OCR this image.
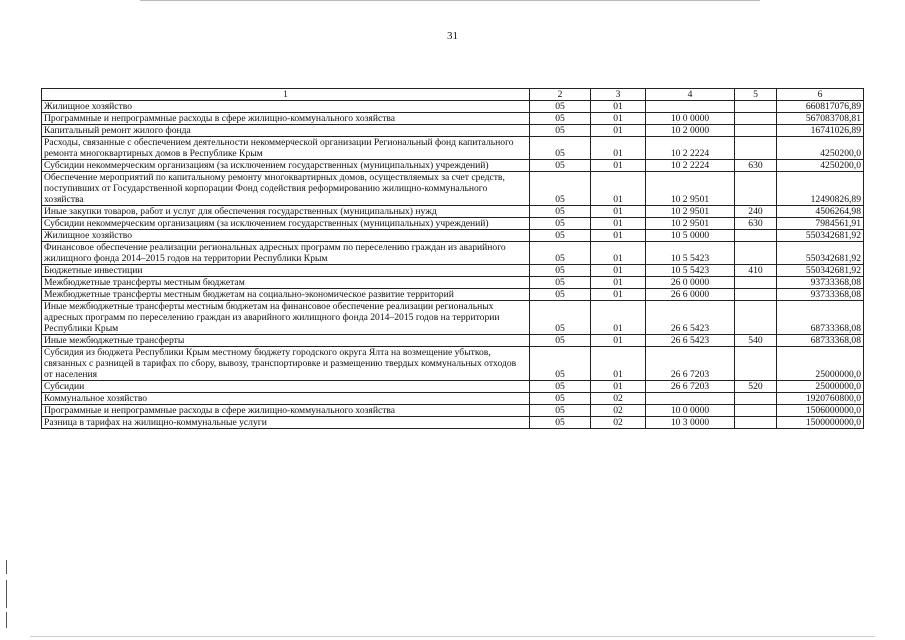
31
1	2	3	4	5	6
Жилищное хозяйство	05	01			660817076,89
Программные и непрограммные расходы в сфере жилищно-коммунального хозяйства	05	01	10 0 0000		567083708,81
Капитальный ремонт жилого фонда	05	01	10 2 0000		16741026,89
Расходы, связанные с обеспечением деятельности некоммерческой организации Региональный фонд капитального ремонта многоквартирных домов в Республике Крым	05	01	10 2 2224		4250200,0
Субсидии некоммерческим организациям (за исключением государственных (муниципальных) учреждений)	05	01	10 2 2224	630	4250200,0
Обеспечение мероприятий по капитальному ремонту многоквартирных домов, осуществляемых за счет средств, поступивших от Государственной корпорации Фонд содействия реформированию жилищно-коммунального хозяйства	05	01	10 2 9501		12490826,89
Иные закупки товаров, работ и услуг для обеспечения государственных (муниципальных) нужд	05	01	10 2 9501	240	4506264,98
Субсидии некоммерческим организациям (за исключением государственных (муниципальных) учреждений)	05	01	10 2 9501	630	7984561,91
Жилищное хозяйство	05	01	10 5 0000		550342681,92
Финансовое обеспечение реализации региональных адресных программ по переселению граждан из аварийного жилищного фонда 2014–2015 годов на территории Республики Крым	05	01	10 5 5423		550342681,92
Бюджетные инвестиции	05	01	10 5 5423	410	550342681,92
Межбюджетные трансферты местным бюджетам	05	01	26 0 0000		93733368,08
Межбюджетные трансферты местным бюджетам на социально-экономическое развитие территорий	05	01	26 6 0000		93733368,08
Иные межбюджетные трансферты местным бюджетам на финансовое обеспечение реализации региональных адресных программ по переселению граждан из аварийного жилищного фонда 2014–2015 годов на территории Республики Крым	05	01	26 6 5423		68733368,08
Иные межбюджетные трансферты	05	01	26 6 5423	540	68733368,08
Субсидия из бюджета Республики Крым местному бюджету городского округа Ялта на возмещение убытков, связанных с разницей в тарифах по сбору, вывозу, транспортировке и размещению твердых коммунальных отходов от населения	05	01	26 6 7203		25000000,0
Субсидии	05	01	26 6 7203	520	25000000,0
Коммунальное хозяйство	05	02			1920760800,0
Программные и непрограммные расходы в сфере жилищно-коммунального хозяйства	05	02	10 0 0000		1506000000,0
Разница в тарифах на жилищно-коммунальные услуги	05	02	10 3 0000		1500000000,0
